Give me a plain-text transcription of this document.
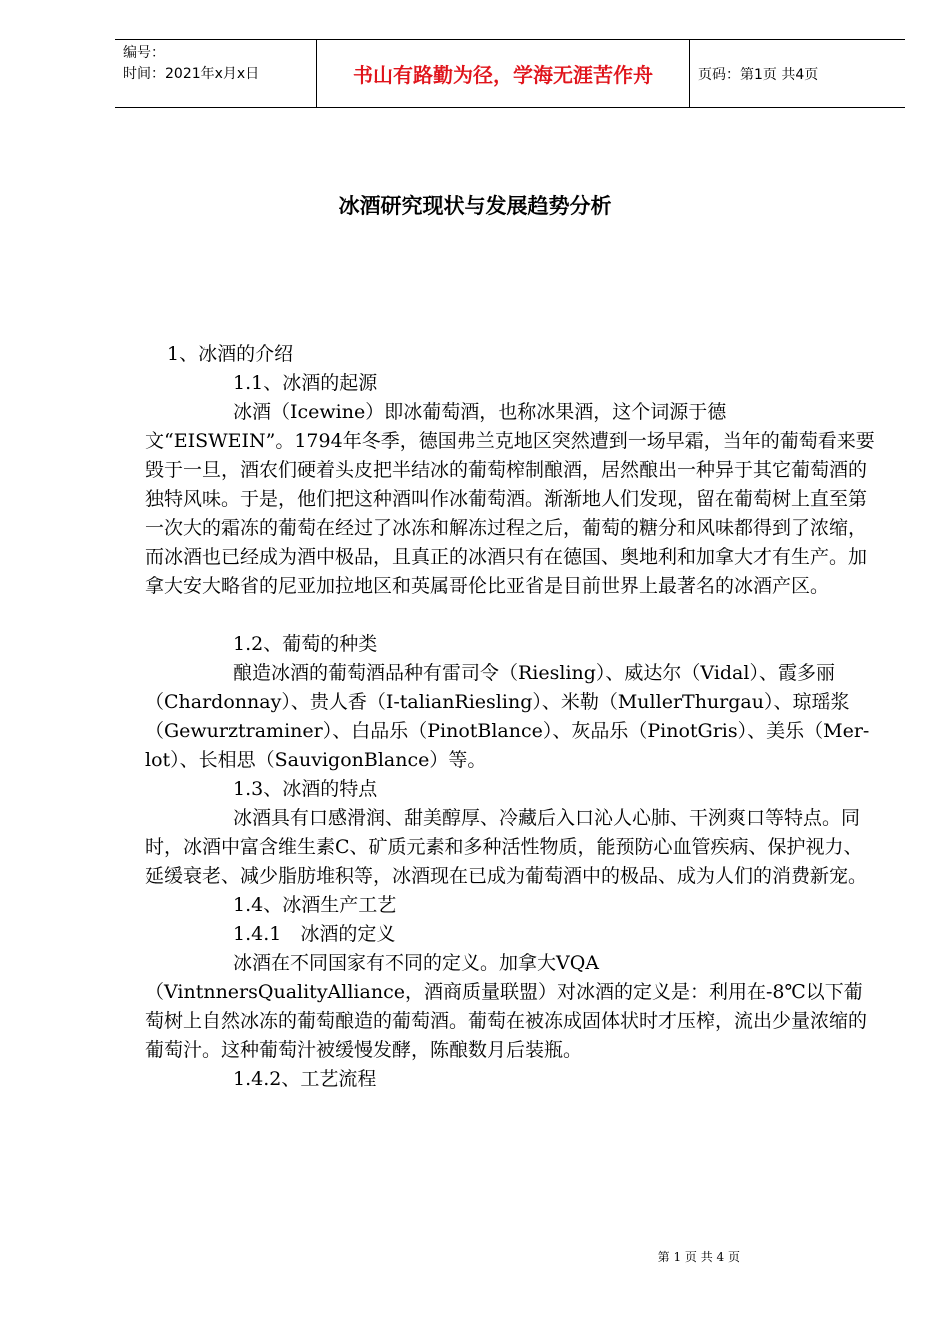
编号：
时间：2021年x月x日	书山有路勤为径，学海无涯苦作舟	页码：第1页 共4页
冰酒研究现状与发展趋势分析

1、冰酒的介绍

1.1、冰酒的起源

冰酒（Icewine）即冰葡萄酒，也称冰果酒，这个词源于德文“EISWEIN”。1794年冬季，德国弗兰克地区突然遭到一场早霜，当年的葡萄看来要毁于一旦，酒农们硬着头皮把半结冰的葡萄榨制酿酒，居然酿出一种异于其它葡萄酒的独特风味。于是，他们把这种酒叫作冰葡萄酒。渐渐地人们发现，留在葡萄树上直至第一次大的霜冻的葡萄在经过了冰冻和解冻过程之后，葡萄的糖分和风味都得到了浓缩，而冰酒也已经成为酒中极品，且真正的冰酒只有在德国、奥地利和加拿大才有生产。加拿大安大略省的尼亚加拉地区和英属哥伦比亚省是目前世界上最著名的冰酒产区。

1.2、葡萄的种类

酿造冰酒的葡萄酒品种有雷司令（Riesling）、威达尔（Vidal）、霞多丽（Chardonnay）、贵人香（I-talianRiesling）、米勒（MullerThurgau）、琼瑶浆（Gewurztraminer）、白品乐（PinotBlance）、灰品乐（PinotGris）、美乐（Mer-lot）、长相思（SauvigonBlance）等。

1.3、冰酒的特点

冰酒具有口感滑润、甜美醇厚、冷藏后入口沁人心肺、干洌爽口等特点。同时，冰酒中富含维生素C、矿质元素和多种活性物质，能预防心血管疾病、保护视力、延缓衰老、减少脂肪堆积等，冰酒现在已成为葡萄酒中的极品、成为人们的消费新宠。

1.4、冰酒生产工艺

1.4.1　冰酒的定义

冰酒在不同国家有不同的定义。加拿大VQA（VintnnersQualityAlliance，酒商质量联盟）对冰酒的定义是：利用在-8℃以下葡萄树上自然冰冻的葡萄酿造的葡萄酒。葡萄在被冻成固体状时才压榨，流出少量浓缩的葡萄汁。这种葡萄汁被缓慢发酵，陈酿数月后装瓶。

1.4.2、工艺流程

第 1 页 共 4 页
